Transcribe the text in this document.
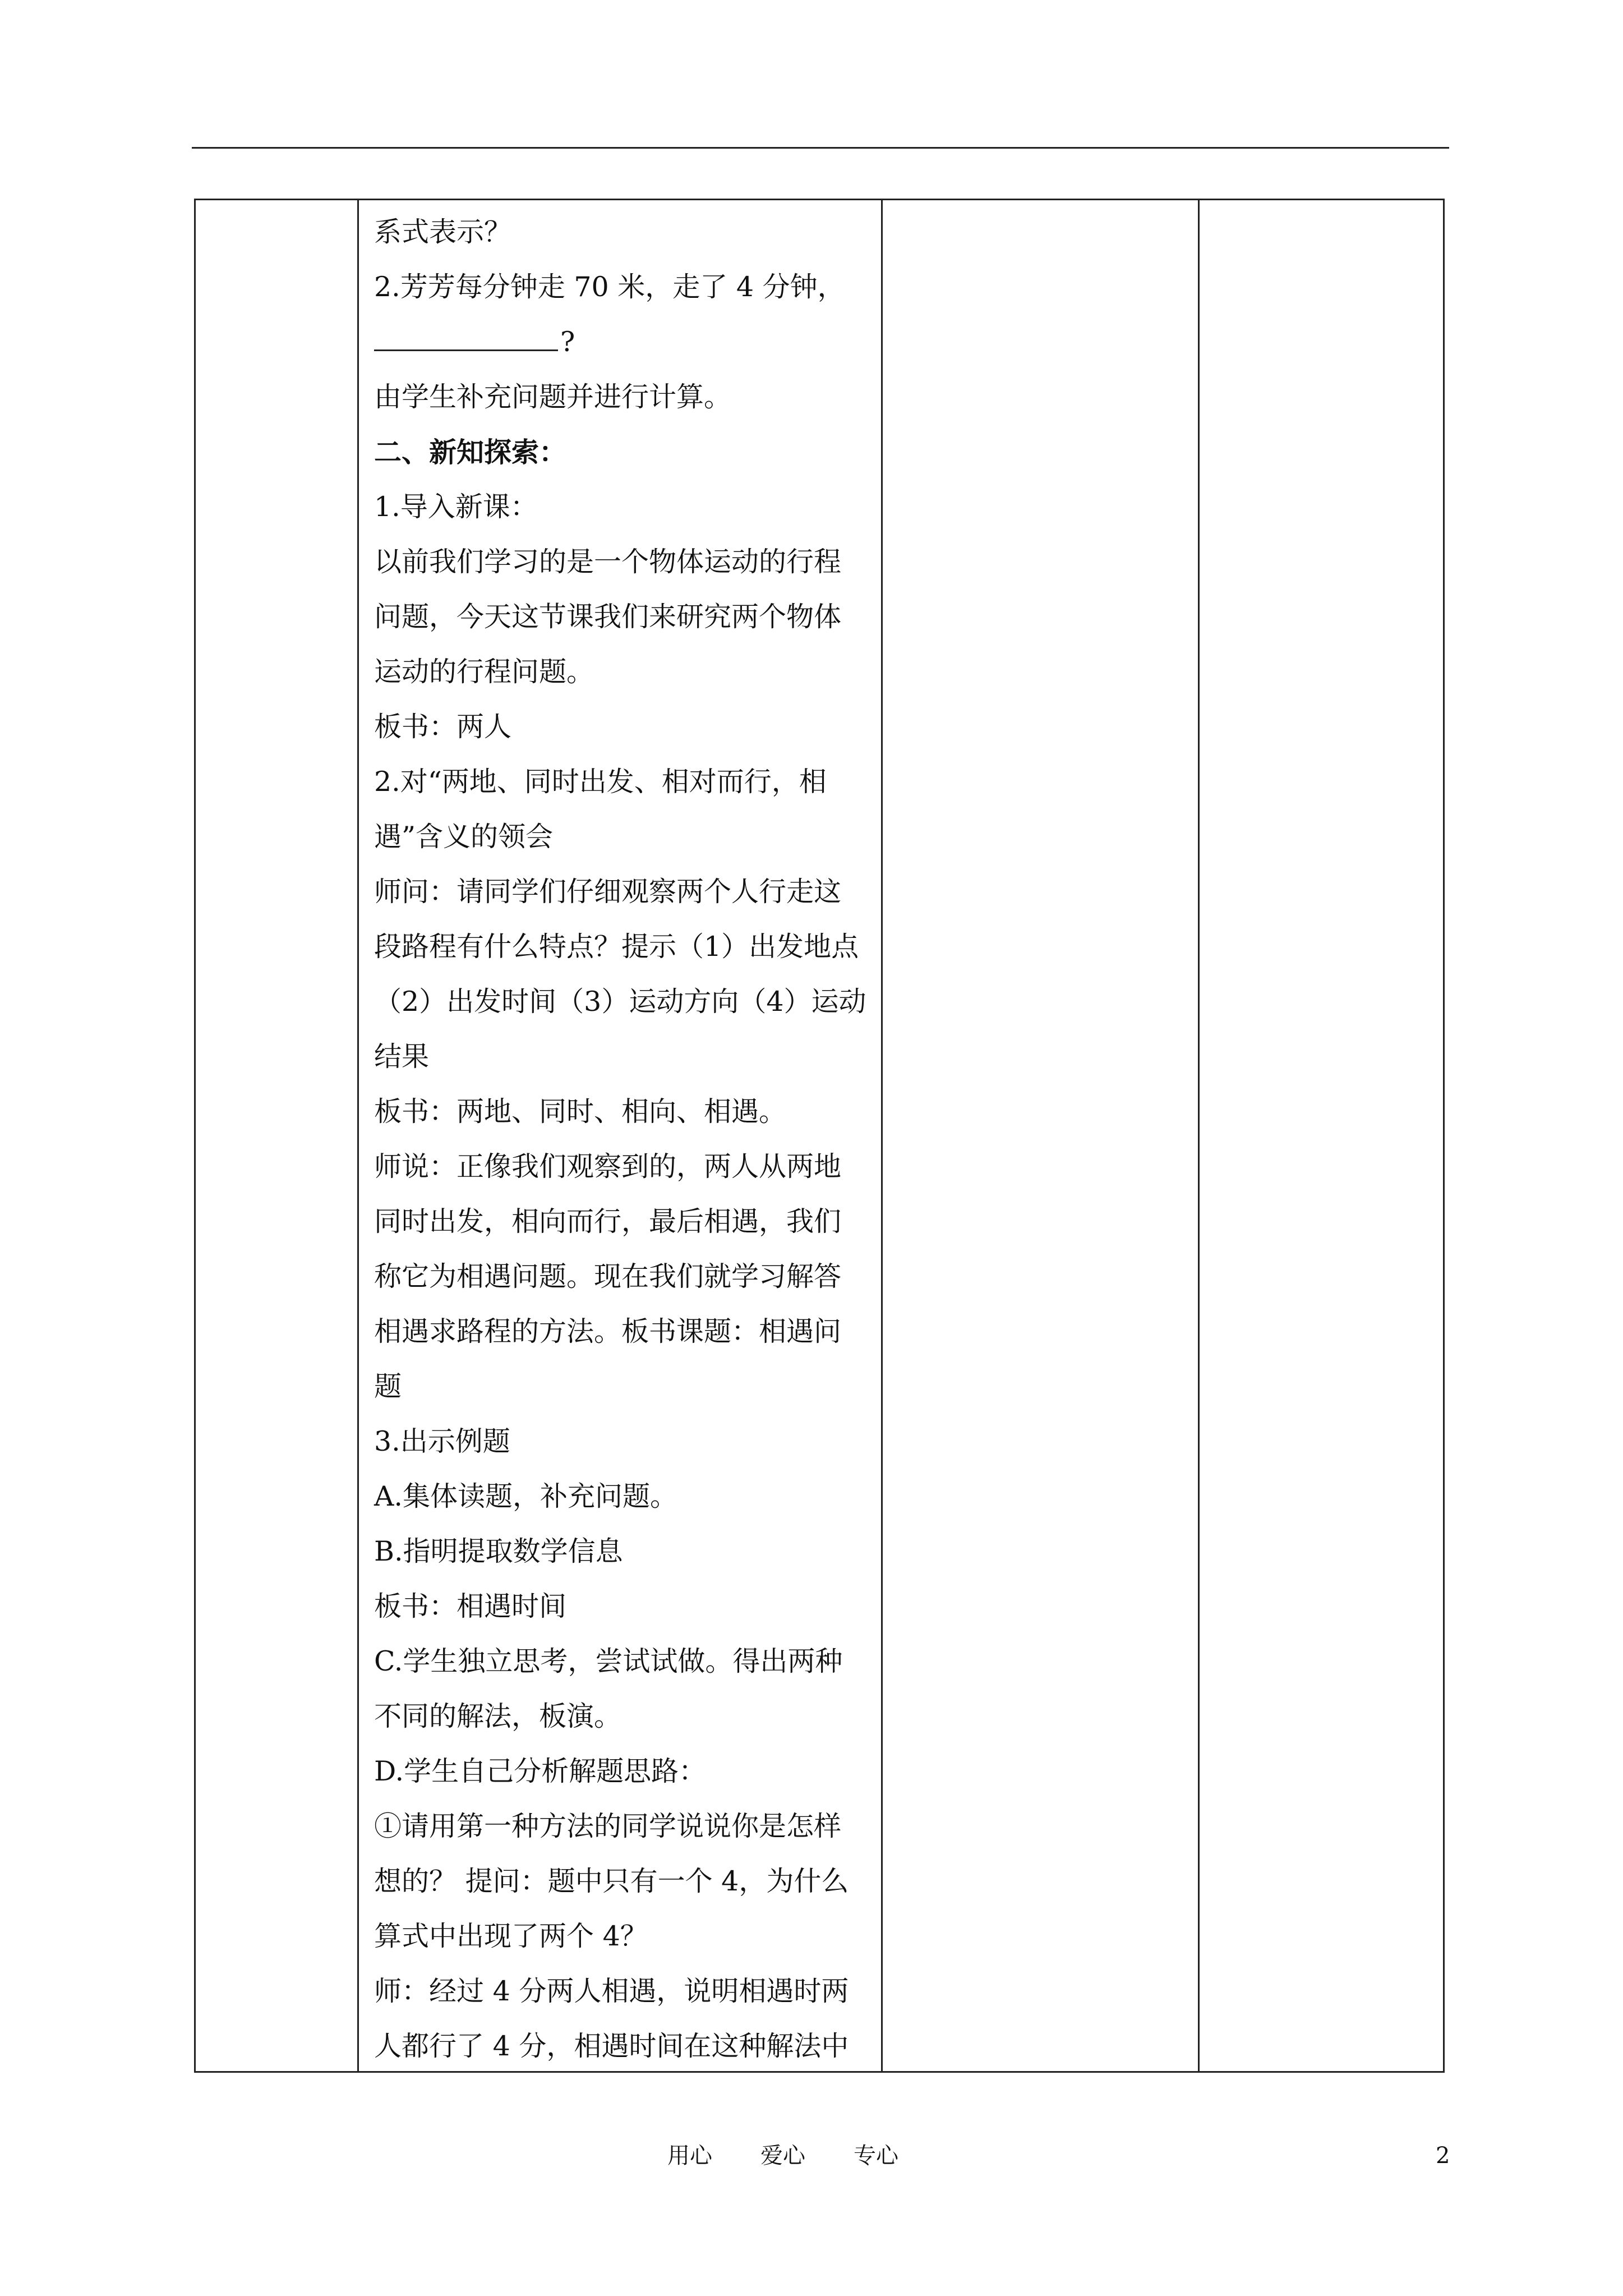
系式表示？
2.芳芳每分钟走 70 米，走了 4 分钟，
?
由学生补充问题并进行计算。
二、新知探索：
1.导入新课：
以前我们学习的是一个物体运动的行程
问题，今天这节课我们来研究两个物体
运动的行程问题。
板书：两人
2.对“两地、同时出发、相对而行，相
遇”含义的领会
师问：请同学们仔细观察两个人行走这
段路程有什么特点？提示（1）出发地点
（2）出发时间（3）运动方向（4）运动
结果
板书：两地、同时、相向、相遇。
师说：正像我们观察到的，两人从两地
同时出发，相向而行，最后相遇，我们
称它为相遇问题。现在我们就学习解答
相遇求路程的方法。板书课题：相遇问
题
3.出示例题
A.集体读题，补充问题。
B.指明提取数学信息
板书：相遇时间
C.学生独立思考，尝试试做。得出两种
不同的解法，板演。
D.学生自己分析解题思路：
①请用第一种方法的同学说说你是怎样
想的？ 提问：题中只有一个 4，为什么
算式中出现了两个 4？
师：经过 4 分两人相遇，说明相遇时两
人都行了 4 分，相遇时间在这种解法中
用心 爱心 专心	2
